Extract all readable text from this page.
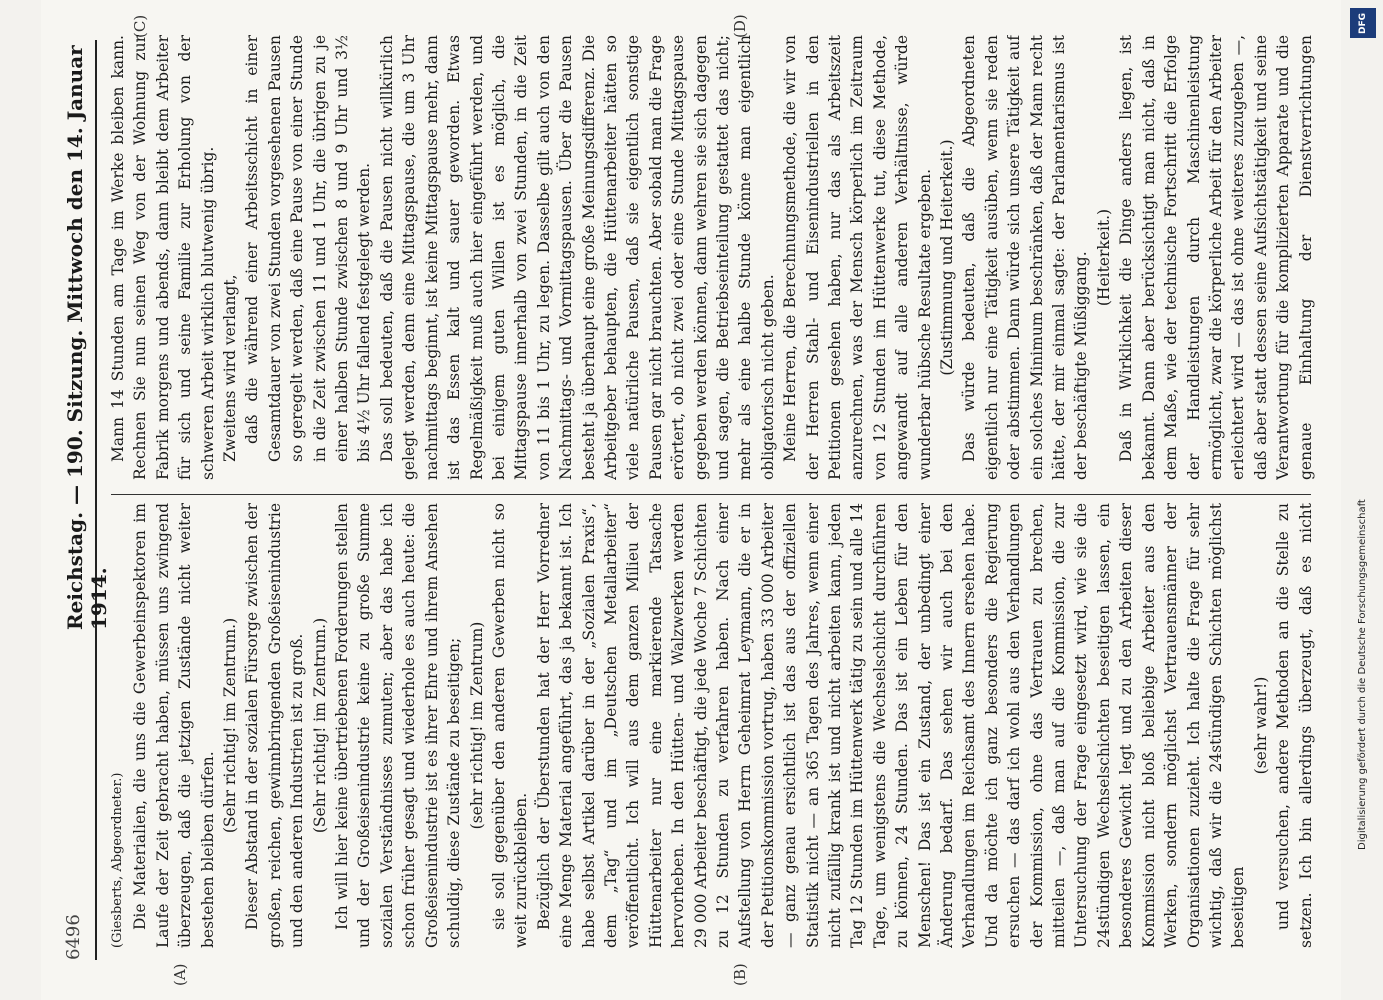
6496
Reichstag. — 190. Sitzung. Mittwoch den 14. Januar 1914.
(A)	(B)
(C)	(D)

(Giesberts, Abgeordneter.) Die Materialien, die uns die Gewerbeinspektoren im Laufe der Zeit gebracht haben, müssen uns zwingend überzeugen, daß die jetzigen Zustände nicht weiter bestehen bleiben dürfen.

(Sehr richtig! im Zentrum.) Dieser Abstand in der sozialen Fürsorge zwischen der großen, reichen, gewinnbringenden Großeisenindustrie und den anderen Industrien ist zu groß. (Sehr richtig! im Zentrum.) Ich will hier keine übertriebenen Forderungen stellen und der Großeisenindustrie keine zu große Summe sozialen Verständnisses zumuten; aber das habe ich schon früher gesagt und wiederhole es auch heute: die Großeisenindustrie ist es ihrer Ehre und ihrem Ansehen schuldig, diese Zustände zu beseitigen; (sehr richtig! im Zentrum) sie soll gegenüber den anderen Gewerben nicht so weit zurückbleiben. Bezüglich der Überstunden hat der Herr Vorredner eine Menge Material angeführt, das ja bekannt ist. Ich habe selbst Artikel darüber in der „Sozialen Praxis“, dem „Tag“ und im „Deutschen Metallarbeiter“ veröffentlicht. Ich will aus dem ganzen Milieu der Hüttenarbeiter nur eine markierende Tatsache hervorheben. In den Hütten- und Walzwerken werden 29 000 Arbeiter beschäftigt, die jede Woche 7 Schichten zu 12 Stunden zu verfahren haben. Nach einer Aufstellung von Herrn Geheimrat Leymann, die er in der Petitionskommission vortrug, haben 33 000 Arbeiter — ganz genau ersichtlich ist das aus der offiziellen Statistik nicht — an 365 Tagen des Jahres, wenn einer nicht zufällig krank ist und nicht arbeiten kann, jeden Tag 12 Stunden im Hüttenwerk tätig zu sein und alle 14 Tage, um wenigstens die Wechselschicht durchführen zu können, 24 Stunden. Das ist ein Leben für den Menschen! Das ist ein Zustand, der unbedingt einer Änderung bedarf. Das sehen wir auch bei den Verhandlungen im Reichsamt des Innern ersehen habe. Und da möchte ich ganz besonders die Regierung ersuchen — das darf ich wohl aus den Verhandlungen der Kommission, ohne das Vertrauen zu brechen, mitteilen —, daß man auf die Kommission, die zur Untersuchung der Frage eingesetzt wird, wie sie die 24stündigen Wechselschichten beseitigen lassen, ein besonderes Gewicht legt und zu den Arbeiten dieser Kommission nicht bloß beliebige Arbeiter aus den Werken, sondern möglichst Vertrauensmänner der Organisationen zuzieht. Ich halte die Frage für sehr wichtig, daß wir die 24stündigen Schichten möglichst beseitigen

(sehr wahr!)

und versuchen, andere Methoden an die Stelle zu setzen. Ich bin allerdings überzeugt, daß es nicht

Mann 14 Stunden am Tage im Werke bleiben kann. Rechnen Sie nun seinen Weg von der Wohnung zur Fabrik morgens und abends, dann bleibt dem Arbeiter für sich und seine Familie zur Erholung von der schweren Arbeit wirklich blutwenig übrig. Zweitens wird verlangt, daß die während einer Arbeitsschicht in einer Gesamtdauer von zwei Stunden vorgesehenen Pausen so geregelt werden, daß eine Pause von einer Stunde in die Zeit zwischen 11 und 1 Uhr, die übrigen zu je einer halben Stunde zwischen 8 und 9 Uhr und 3½ bis 4½ Uhr fallend festgelegt werden. Das soll bedeuten, daß die Pausen nicht willkürlich gelegt werden, denn eine Mittagspause, die um 3 Uhr nachmittags beginnt, ist keine Mittagspause mehr, dann ist das Essen kalt und sauer geworden. Etwas Regelmäßigkeit muß auch hier eingeführt werden, und bei einigem guten Willen ist es möglich, die Mittagspause innerhalb von zwei Stunden, in die Zeit von 11 bis 1 Uhr, zu legen. Dasselbe gilt auch von den Nachmittags- und Vormittagspausen. Über die Pausen besteht ja überhaupt eine große Meinungsdifferenz. Die Arbeitgeber behaupten, die Hüttenarbeiter hätten so viele natürliche Pausen, daß sie eigentlich sonstige Pausen gar nicht brauchten. Aber sobald man die Frage erörtert, ob nicht zwei oder eine Stunde Mittagspause gegeben werden können, dann wehren sie sich dagegen und sagen, die Betriebseinteilung gestattet das nicht; mehr als eine halbe Stunde könne man eigentlich obligatorisch nicht geben. Meine Herren, die Berechnungsmethode, die wir von der Herren Stahl- und Eisenindustriellen in den Petitionen gesehen haben, nur das als Arbeitszeit anzurechnen, was der Mensch körperlich im Zeitraum von 12 Stunden im Hüttenwerke tut, diese Methode, angewandt auf alle anderen Verhältnisse, würde wunderbar hübsche Resultate ergeben. (Zustimmung und Heiterkeit.) Das würde bedeuten, daß die Abgeordneten eigentlich nur eine Tätigkeit ausüben, wenn sie reden oder abstimmen. Dann würde sich unsere Tätigkeit auf ein solches Minimum beschränken, daß der Mann recht hätte, der mir einmal sagte: der Parlamentarismus ist der beschäftigte Müßiggang. (Heiterkeit.)

Daß in Wirklichkeit die Dinge anders liegen, ist bekannt. Dann aber berücksichtigt man nicht, daß in dem Maße, wie der technische Fortschritt die Erfolge der Handleistungen durch Maschinenleistung ermöglicht, zwar die körperliche Arbeit für den Arbeiter erleichtert wird — das ist ohne weiteres zuzugeben —, daß aber statt dessen seine Aufsichtstätigkeit und seine Verantwortung für die komplizierten Apparate und die genaue Einhaltung der Dienstverrichtungen

DFG
Digitalisierung gefördert durch die Deutsche Forschungsgemeinschaft
